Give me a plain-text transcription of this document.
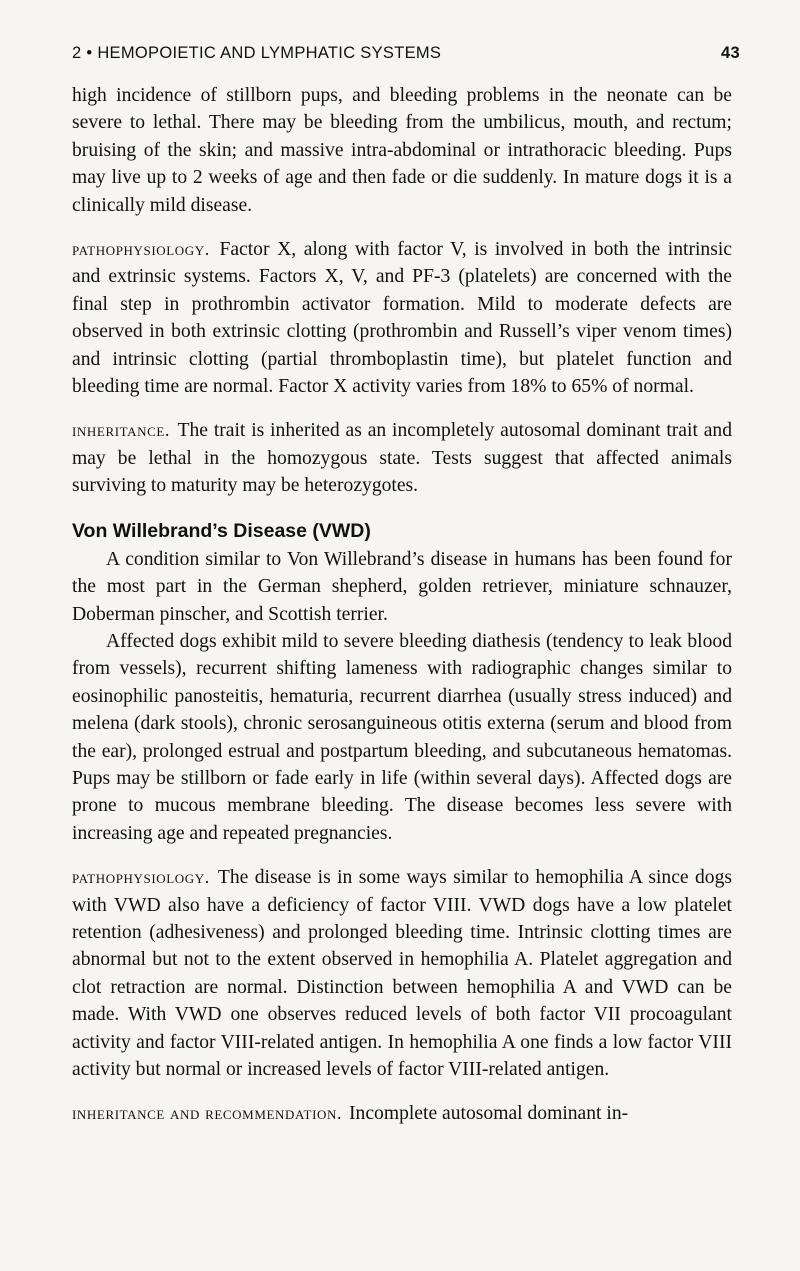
2 • HEMOPOIETIC AND LYMPHATIC SYSTEMS	43

high incidence of stillborn pups, and bleeding problems in the neonate can be severe to lethal. There may be bleeding from the umbilicus, mouth, and rectum; bruising of the skin; and massive intra-abdominal or intrathoracic bleeding. Pups may live up to 2 weeks of age and then fade or die suddenly. In mature dogs it is a clinically mild disease.

pathophysiology. Factor X, along with factor V, is involved in both the intrinsic and extrinsic systems. Factors X, V, and PF-3 (platelets) are concerned with the final step in prothrombin activator formation. Mild to moderate defects are observed in both extrinsic clotting (prothrombin and Russell’s viper venom times) and intrinsic clotting (partial thromboplastin time), but platelet function and bleeding time are normal. Factor X activity varies from 18% to 65% of normal.

inheritance. The trait is inherited as an incompletely autosomal dominant trait and may be lethal in the homozygous state. Tests suggest that affected animals surviving to maturity may be heterozygotes.

Von Willebrand’s Disease (VWD)

A condition similar to Von Willebrand’s disease in humans has been found for the most part in the German shepherd, golden retriever, miniature schnauzer, Doberman pinscher, and Scottish terrier.

Affected dogs exhibit mild to severe bleeding diathesis (tendency to leak blood from vessels), recurrent shifting lameness with radiographic changes similar to eosinophilic panosteitis, hematuria, recurrent diarrhea (usually stress induced) and melena (dark stools), chronic serosanguineous otitis externa (serum and blood from the ear), prolonged estrual and postpartum bleeding, and subcutaneous hematomas. Pups may be stillborn or fade early in life (within several days). Affected dogs are prone to mucous membrane bleeding. The disease becomes less severe with increasing age and repeated pregnancies.

pathophysiology. The disease is in some ways similar to hemophilia A since dogs with VWD also have a deficiency of factor VIII. VWD dogs have a low platelet retention (adhesiveness) and prolonged bleeding time. Intrinsic clotting times are abnormal but not to the extent observed in hemophilia A. Platelet aggregation and clot retraction are normal. Distinction between hemophilia A and VWD can be made. With VWD one observes reduced levels of both factor VII procoagulant activity and factor VIII-related antigen. In hemophilia A one finds a low factor VIII activity but normal or increased levels of factor VIII-related antigen.

inheritance and recommendation. Incomplete autosomal dominant in-
